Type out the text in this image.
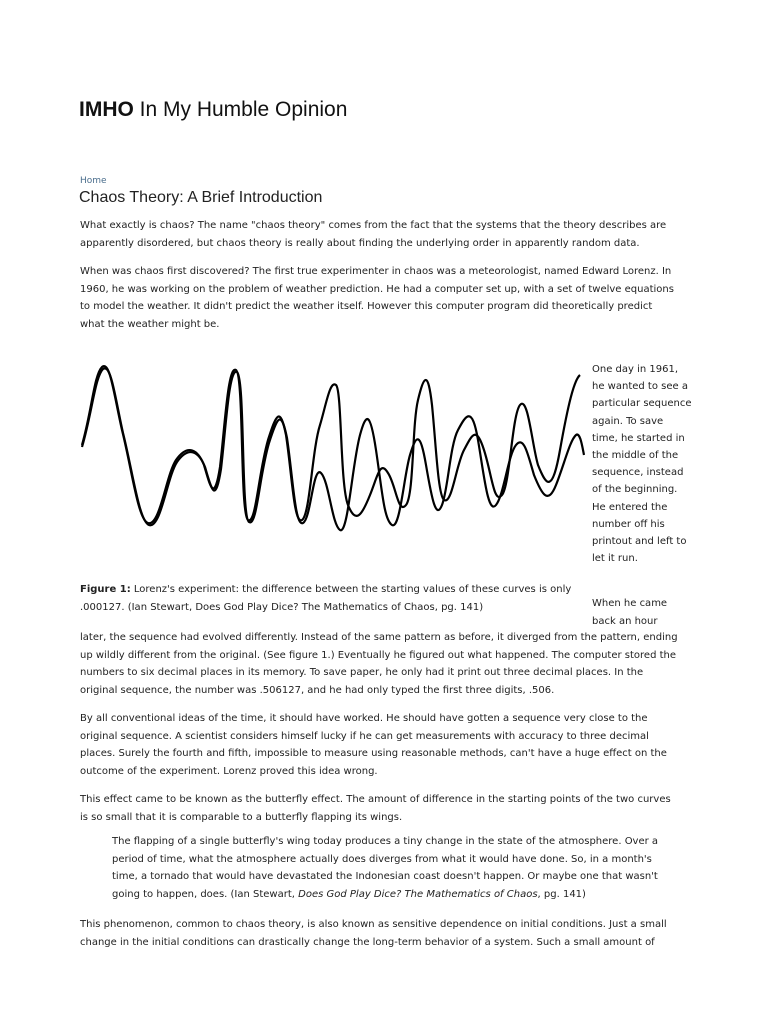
IMHO In My Humble Opinion
Home
Chaos Theory: A Brief Introduction

What exactly is chaos? The name "chaos theory" comes from the fact that the systems that the theory describes are apparently disordered, but chaos theory is really about finding the underlying order in apparently random data.

When was chaos first discovered? The first true experimenter in chaos was a meteorologist, named Edward Lorenz. In 1960, he was working on the problem of weather prediction. He had a computer set up, with a set of twelve equations to model the weather. It didn't predict the weather itself. However this computer program did theoretically predict what the weather might be.

One day in 1961, he wanted to see a particular sequence again. To save time, he started in the middle of the sequence, instead of the beginning. He entered the number off his printout and left to let it run.

Figure 1: Lorenz's experiment: the difference between the starting values of these curves is only .000127. (Ian Stewart, Does God Play Dice? The Mathematics of Chaos, pg. 141)	When he came back an hour

later, the sequence had evolved differently. Instead of the same pattern as before, it diverged from the pattern, ending up wildly different from the original. (See figure 1.) Eventually he figured out what happened. The computer stored the numbers to six decimal places in its memory. To save paper, he only had it print out three decimal places. In the original sequence, the number was .506127, and he had only typed the first three digits, .506.

By all conventional ideas of the time, it should have worked. He should have gotten a sequence very close to the original sequence. A scientist considers himself lucky if he can get measurements with accuracy to three decimal places. Surely the fourth and fifth, impossible to measure using reasonable methods, can't have a huge effect on the outcome of the experiment. Lorenz proved this idea wrong.

This effect came to be known as the butterfly effect. The amount of difference in the starting points of the two curves is so small that it is comparable to a butterfly flapping its wings.

The flapping of a single butterfly's wing today produces a tiny change in the state of the atmosphere. Over a period of time, what the atmosphere actually does diverges from what it would have done. So, in a month's time, a tornado that would have devastated the Indonesian coast doesn't happen. Or maybe one that wasn't going to happen, does. (Ian Stewart, Does God Play Dice? The Mathematics of Chaos, pg. 141)

This phenomenon, common to chaos theory, is also known as sensitive dependence on initial conditions. Just a small change in the initial conditions can drastically change the long-term behavior of a system. Such a small amount of
